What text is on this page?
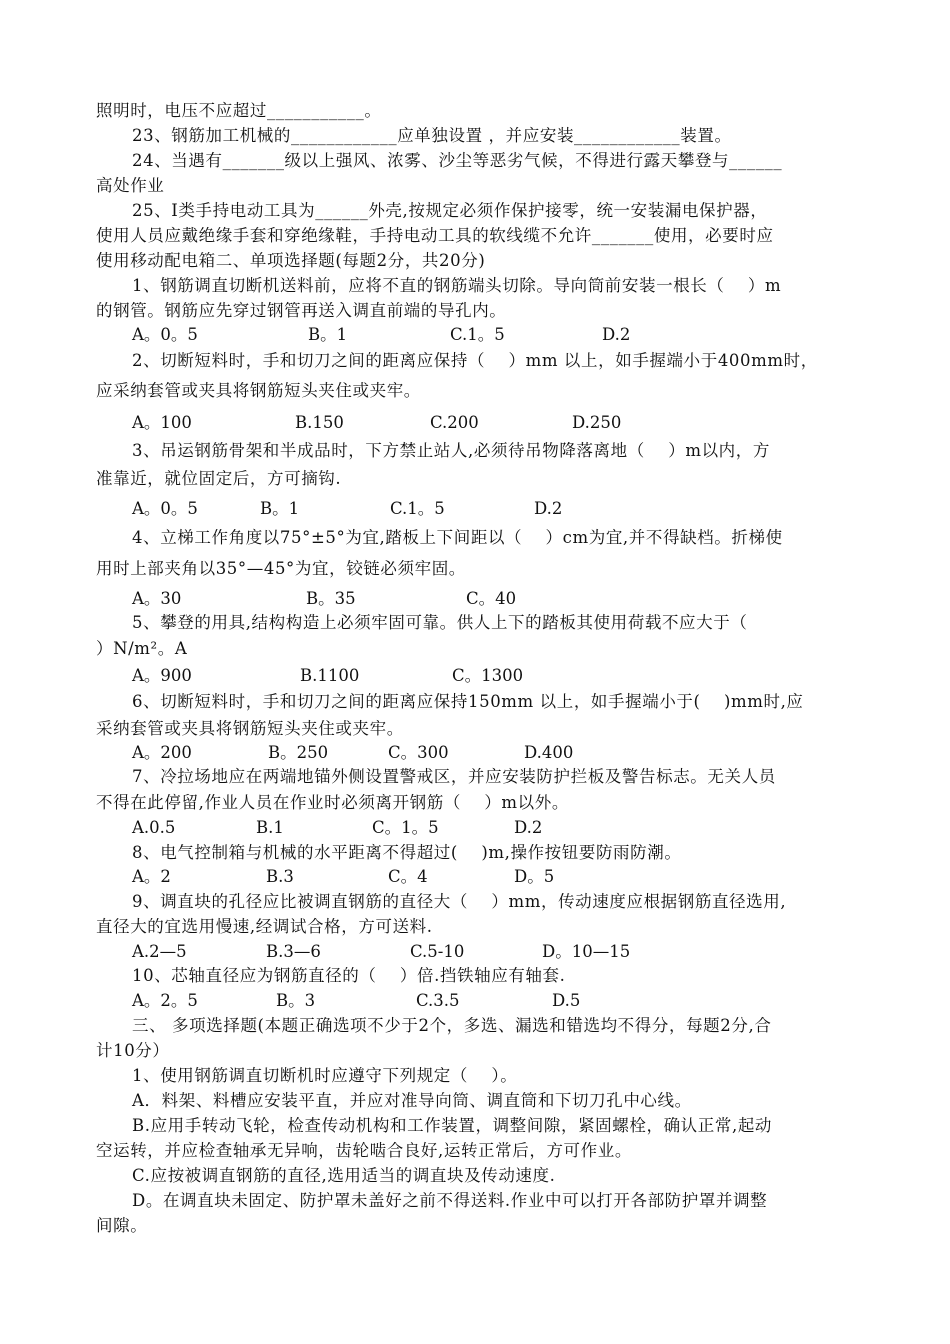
照明时，电压不应超过___________。
23、钢筋加工机械的____________应单独设置 ，并应安装____________装置。
24、当遇有_______级以上强风、浓雾、沙尘等恶劣气候，不得进行露天攀登与______
高处作业
25、Ⅰ类手持电动工具为______外壳,按规定必须作保护接零，统一安装漏电保护器，
使用人员应戴绝缘手套和穿绝缘鞋，手持电动工具的软线缆不允许_______使用，必要时应
使用移动配电箱二、单项选择题(每题2分，共20分)
1、钢筋调直切断机送料前，应将不直的钢筋端头切除。导向筒前安装一根长（    ）m
的钢管。钢筋应先穿过钢管再送入调直前端的导孔内。
A。0。5	B。1	C.1。5	D.2
2、切断短料时，手和切刀之间的距离应保持（    ）mm 以上，如手握端小于400mm时，
应采纳套管或夹具将钢筋短头夹住或夹牢。
A。100	B.150	C.200	D.250
3、吊运钢筋骨架和半成品时，下方禁止站人,必须待吊物降落离地（    ）m以内，方
准靠近，就位固定后，方可摘钩.
A。0。5	B。1	C.1。5	D.2
4、立梯工作角度以75°±5°为宜,踏板上下间距以（    ）cm为宜,并不得缺档。折梯使
用时上部夹角以35°—45°为宜，铰链必须牢固。
A。30	B。35	C。40
5、攀登的用具,结构构造上必须牢固可靠。供人上下的踏板其使用荷载不应大于（
）N/m²。A
A。900	B.1100	C。1300
6、切断短料时，手和切刀之间的距离应保持150mm 以上，如手握端小于(    )mm时,应
采纳套管或夹具将钢筋短头夹住或夹牢。
A。200	B。250	C。300	D.400
7、冷拉场地应在两端地锚外侧设置警戒区，并应安装防护拦板及警告标志。无关人员
不得在此停留,作业人员在作业时必须离开钢筋（    ）m以外。
A.0.5	B.1	C。1。5	D.2
8、电气控制箱与机械的水平距离不得超过(    )m,操作按钮要防雨防潮。
A。2	B.3	C。4	D。5
9、调直块的孔径应比被调直钢筋的直径大（    ）mm，传动速度应根据钢筋直径选用,
直径大的宜选用慢速,经调试合格，方可送料.
A.2—5	B.3—6	C.5-10	D。10—15
10、芯轴直径应为钢筋直径的（    ）倍.挡铁轴应有轴套.
A。2。5	B。3	C.3.5	D.5
三、 多项选择题(本题正确选项不少于2个，多选、漏选和错选均不得分，每题2分,合
计10分）
1、使用钢筋调直切断机时应遵守下列规定（    ）。
A．料架、料槽应安装平直，并应对准导向筒、调直筒和下切刀孔中心线。
B.应用手转动飞轮，检查传动机构和工作装置，调整间隙，紧固螺栓，确认正常,起动
空运转，并应检查轴承无异响，齿轮啮合良好,运转正常后，方可作业。
C.应按被调直钢筋的直径,选用适当的调直块及传动速度.
D。在调直块未固定、防护罩未盖好之前不得送料.作业中可以打开各部防护罩并调整
间隙。
